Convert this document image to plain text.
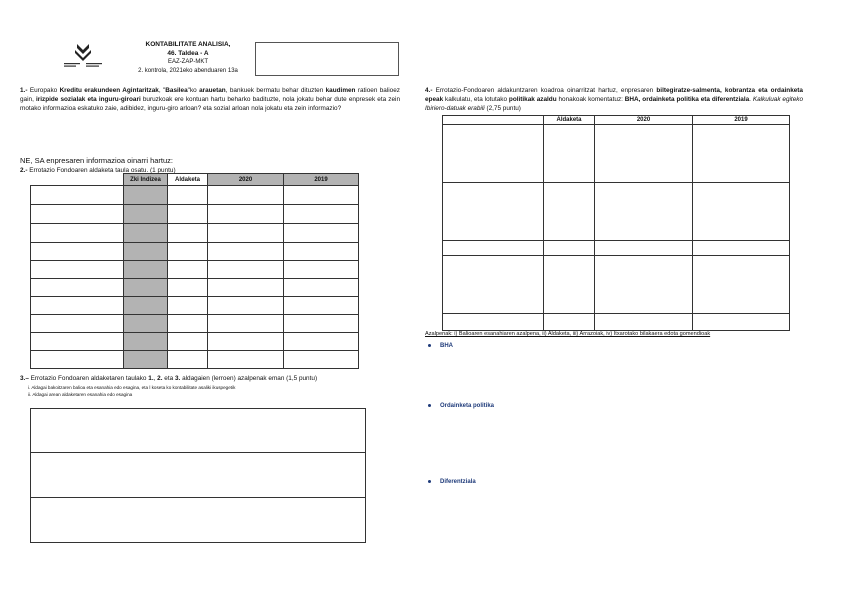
KONTABILITATE ANALISIA,
46. Taldea - A
EAZ-ZAP-MKT
2. kontrola, 2021eko abenduaren 13a
1.- Europako Kreditu erakundeen Agintaritzak, "Basilea"ko arauetan, bankuek bermatu behar dituzten kaudimen ratioen balioez gain, irizpide sozialak eta inguru-giroari buruzkoak ere kontuan hartu beharko badituzte, nola jokatu behar dute enpresek eta zein motako informazioa eskatuko zaie, adibidez, inguru-giro arloan? eta sozial arloan nola jokatu eta zein informazio?
NE, SA enpresaren informazioa oinarri hartuz:
2.- Errotazio Fondoaren aldaketa taula osatu. (1 puntu)
	Zki Indizea	Aldaketa	2020	2019

3.– Errotazio Fondoaren aldaketaren taulako 1., 2. eta 3. aldagaien (lerroen) azalpenak eman (1,5 puntu)
i. Aldagai bakoitzaren balioa eta esanahia edo esagina, eta l koseta ko kontabilitate asaliki ikuspegetik
ii. Aldagai arean aldaketaren esanahia edo esagina

4.- Errotazio-Fondoaren aldakuntzaren koadroa oinarritzat hartuz, enpresaren biltegiratze-salmenta, kobrantza eta ordainketa epeak kalkulatu, eta lotutako politikak azaldu honakoak komentatuz: BHA, ordainketa politika eta diferentziala. Kalkuluak egiteko Ibiriero-datuak erabili (2,75 puntu)
	Aldaketa	2020	2019

Azalpenak: i) Balioaren esanahiaren azalpena, ii) Aldaketa, iii) Arrazoiak, iv) Itxarotako bilakaera edota gomendioak
BHA
Ordainketa politika
Diferentziala
